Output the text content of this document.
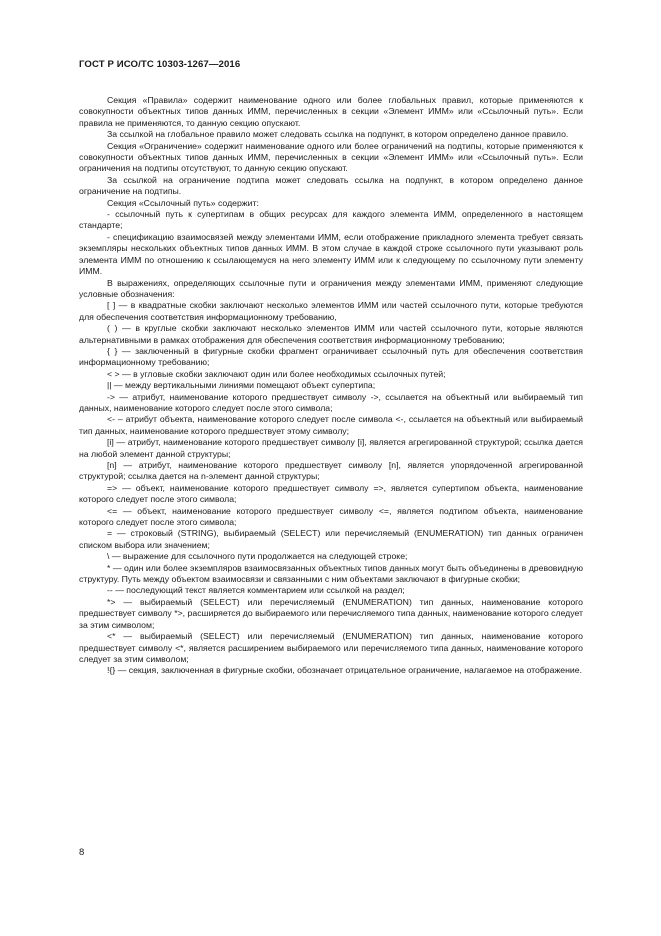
ГОСТ Р ИСО/ТС 10303-1267—2016

Секция «Правила» содержит наименование одного или более глобальных правил, которые применяются к совокупности объектных типов данных ИММ, перечисленных в секции «Элемент ИММ» или «Ссылочный путь». Если правила не применяются, то данную секцию опускают.

За ссылкой на глобальное правило может следовать ссылка на подпункт, в котором определено данное правило.

Секция «Ограничение» содержит наименование одного или более ограничений на подтипы, которые применяются к совокупности объектных типов данных ИММ, перечисленных в секции «Элемент ИММ» или «Ссылочный путь». Если ограничения на подтипы отсутствуют, то данную секцию опускают.

За ссылкой на ограничение подтипа может следовать ссылка на подпункт, в котором определено данное ограничение на подтипы.

Секция «Ссылочный путь» содержит:

- ссылочный путь к супертипам в общих ресурсах для каждого элемента ИММ, определенного в настоящем стандарте;

- спецификацию взаимосвязей между элементами ИММ, если отображение прикладного элемента требует связать экземпляры нескольких объектных типов данных ИММ. В этом случае в каждой строке ссылочного пути указывают роль элемента ИММ по отношению к ссылающемуся на него элементу ИММ или к следующему по ссылочному пути элементу ИММ.

В выражениях, определяющих ссылочные пути и ограничения между элементами ИММ, применяют следующие условные обозначения:

[ ] — в квадратные скобки заключают несколько элементов ИММ или частей ссылочного пути, которые требуются для обеспечения соответствия информационному требованию,

( ) — в круглые скобки заключают несколько элементов ИММ или частей ссылочного пути, которые являются альтернативными в рамках отображения для обеспечения соответствия информационному требованию;

{ } — заключенный в фигурные скобки фрагмент ограничивает ссылочный путь для обеспечения соответствия информационному требованию;

< > — в угловые скобки заключают один или более необходимых ссылочных путей;

|| — между вертикальными линиями помещают объект супертипа;

-> — атрибут, наименование которого предшествует символу ->, ссылается на объектный или выбираемый тип данных, наименование которого следует после этого символа;

<- – атрибут объекта, наименование которого следует после символа <-, ссылается на объектный или выбираемый тип данных, наименование которого предшествует этому символу;

[i] — атрибут, наименование которого предшествует символу [i], является агрегированной структурой; ссылка дается на любой элемент данной структуры;

[n] — атрибут, наименование которого предшествует символу [n], является упорядоченной агрегированной структурой; ссылка дается на n-элемент данной структуры;

=> — объект, наименование которого предшествует символу =>, является супертипом объекта, наименование которого следует после этого символа;

<= — объект, наименование которого предшествует символу <=, является подтипом объекта, наименование которого следует после этого символа;

= — строковый (STRING), выбираемый (SELECT) или перечисляемый (ENUMERATION) тип данных ограничен списком выбора или значением;

\ — выражение для ссылочного пути продолжается на следующей строке;

* — один или более экземпляров взаимосвязанных объектных типов данных могут быть объединены в древовидную структуру. Путь между объектом взаимосвязи и связанными с ним объектами заключают в фигурные скобки;

-- — последующий текст является комментарием или ссылкой на раздел;

*> — выбираемый (SELECT) или перечисляемый (ENUMERATION) тип данных, наименование которого предшествует символу *>, расширяется до выбираемого или перечисляемого типа данных, наименование которого следует за этим символом;

<* — выбираемый (SELECT) или перечисляемый (ENUMERATION) тип данных, наименование которого предшествует символу <*, является расширением выбираемого или перечисляемого типа данных, наименование которого следует за этим символом;

!{} — секция, заключенная в фигурные скобки, обозначает отрицательное ограничение, налагаемое на отображение.

8
